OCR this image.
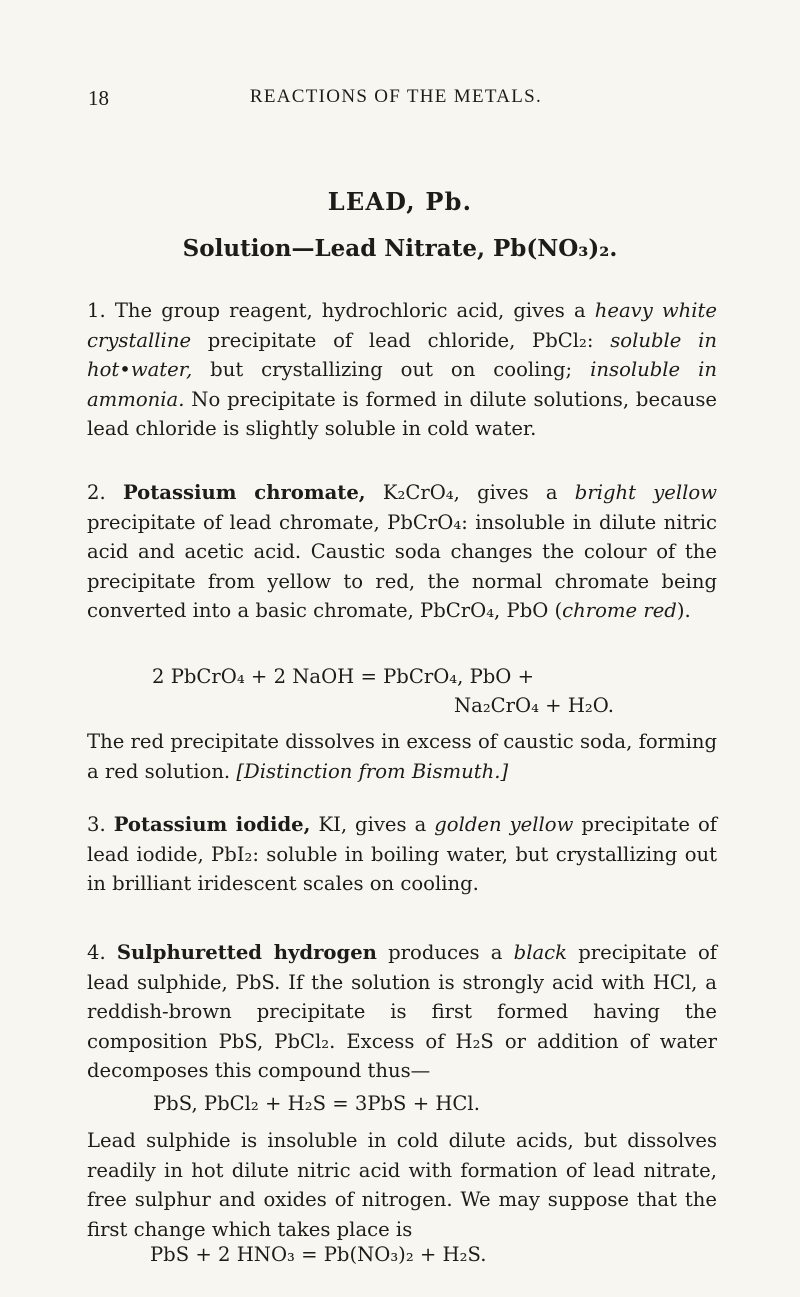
18	REACTIONS OF THE METALS.
LEAD, Pb.
Solution—Lead Nitrate, Pb(NO₃)₂.

1. The group reagent, hydrochloric acid, gives a heavy white crystalline precipitate of lead chloride, PbCl₂: soluble in hot•water, but crystallizing out on cooling; insoluble in ammonia. No precipitate is formed in dilute solutions, because lead chloride is slightly soluble in cold water.

2. Potassium chromate, K₂CrO₄, gives a bright yellow precipitate of lead chromate, PbCrO₄: insoluble in dilute nitric acid and acetic acid. Caustic soda changes the colour of the precipitate from yellow to red, the normal chromate being converted into a basic chromate, PbCrO₄, PbO (chrome red).

2 PbCrO₄ + 2 NaOH = PbCrO₄, PbO +
Na₂CrO₄ + H₂O.

The red precipitate dissolves in excess of caustic soda, forming a red solution. [Distinction from Bismuth.]

3. Potassium iodide, KI, gives a golden yellow precipitate of lead iodide, PbI₂: soluble in boiling water, but crystallizing out in brilliant iridescent scales on cooling.

4. Sulphuretted hydrogen produces a black precipitate of lead sulphide, PbS. If the solution is strongly acid with HCl, a reddish-brown precipitate is first formed having the composition PbS, PbCl₂. Excess of H₂S or addition of water decomposes this compound thus—

PbS, PbCl₂ + H₂S = 3PbS + HCl.

Lead sulphide is insoluble in cold dilute acids, but dissolves readily in hot dilute nitric acid with formation of lead nitrate, free sulphur and oxides of nitrogen. We may suppose that the first change which takes place is

PbS + 2 HNO₃ = Pb(NO₃)₂ + H₂S.
